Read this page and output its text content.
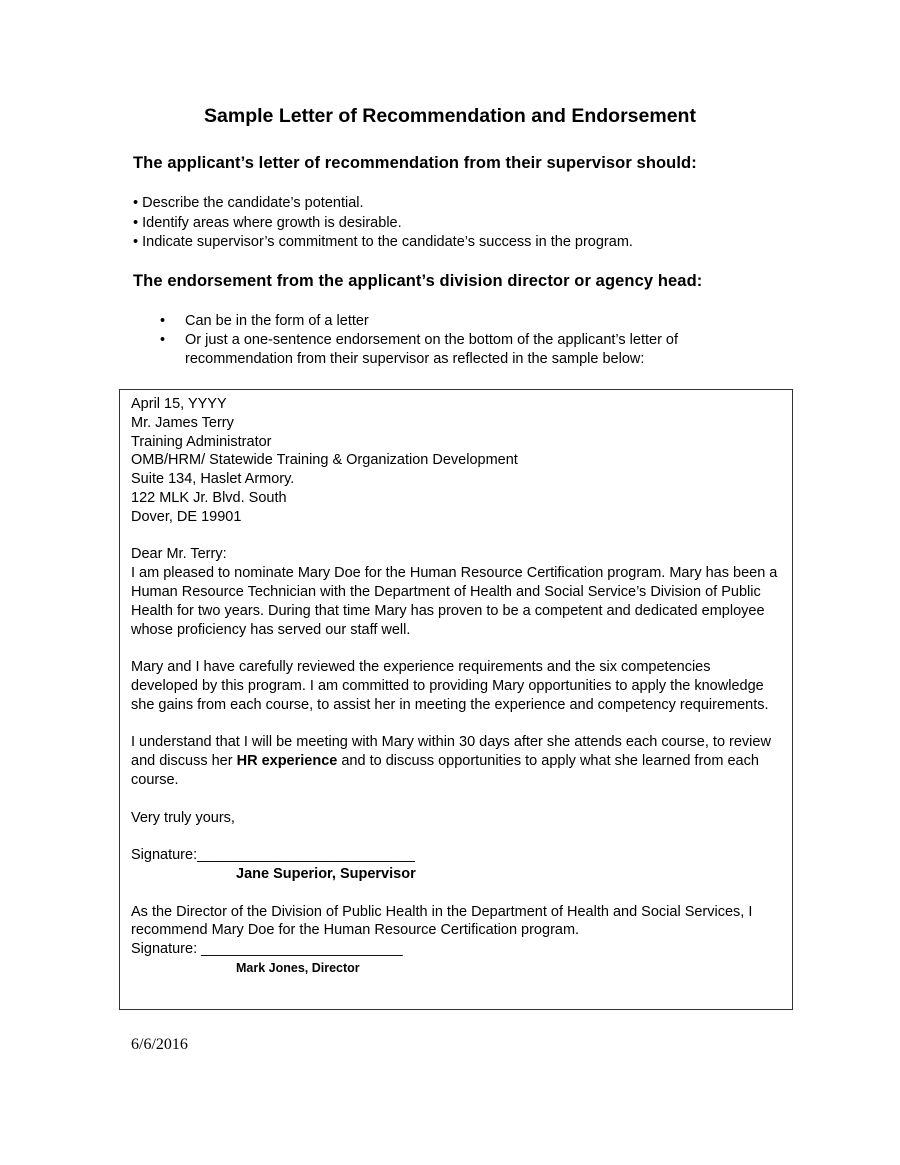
Sample Letter of Recommendation and Endorsement
The applicant’s letter of recommendation from their supervisor should:
• Describe the candidate’s potential.
• Identify areas where growth is desirable.
• Indicate supervisor’s commitment to the candidate’s success in the program.
The endorsement from the applicant’s division director or agency head:
• Can be in the form of a letter
• Or just a one-sentence endorsement on the bottom of the applicant’s letter of recommendation from their supervisor as reflected in the sample below:

April 15, YYYY

Mr. James Terry

Training Administrator

OMB/HRM/ Statewide Training & Organization Development

Suite 134, Haslet Armory.

122 MLK Jr. Blvd. South

Dover, DE 19901

Dear Mr. Terry:

I am pleased to nominate Mary Doe for the Human Resource Certification program. Mary has been a Human Resource Technician with the Department of Health and Social Service’s Division of Public Health for two years. During that time Mary has proven to be a competent and dedicated employee whose proficiency has served our staff well.

Mary and I have carefully reviewed the experience requirements and the six competencies developed by this program. I am committed to providing Mary opportunities to apply the knowledge she gains from each course, to assist her in meeting the experience and competency requirements.

I understand that I will be meeting with Mary within 30 days after she attends each course, to review and discuss her HR experience and to discuss opportunities to apply what she learned from each course.

Very truly yours,

Signature:___________________________

Jane Superior, Supervisor

As the Director of the Division of Public Health in the Department of Health and Social Services, I recommend Mary Doe for the Human Resource Certification program.

Signature: _________________________

Mark Jones, Director

6/6/2016
